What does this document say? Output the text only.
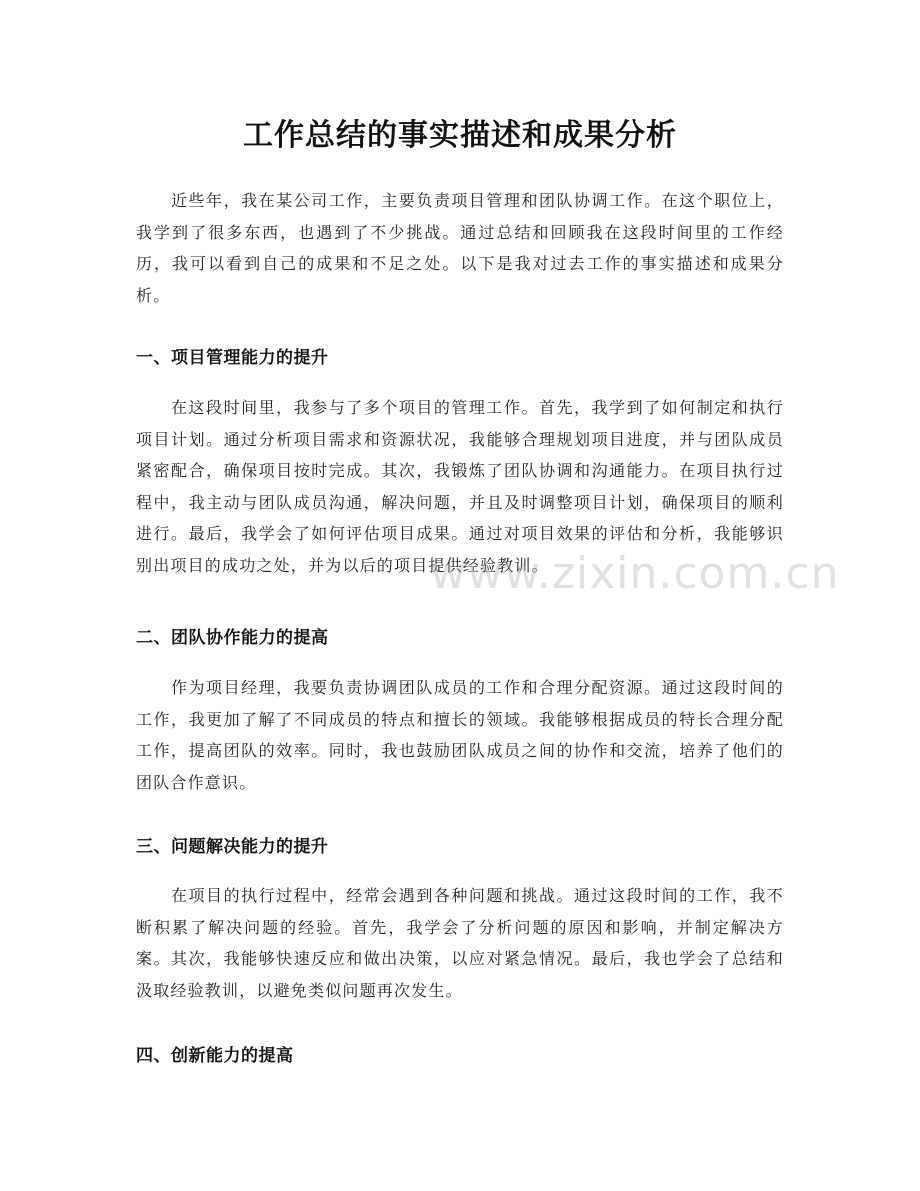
工作总结的事实描述和成果分析
近些年，我在某公司工作，主要负责项目管理和团队协调工作。在这个职位上，我学到了很多东西，也遇到了不少挑战。通过总结和回顾我在这段时间里的工作经历，我可以看到自己的成果和不足之处。以下是我对过去工作的事实描述和成果分析。
一、项目管理能力的提升
在这段时间里，我参与了多个项目的管理工作。首先，我学到了如何制定和执行项目计划。通过分析项目需求和资源状况，我能够合理规划项目进度，并与团队成员紧密配合，确保项目按时完成。其次，我锻炼了团队协调和沟通能力。在项目执行过程中，我主动与团队成员沟通，解决问题，并且及时调整项目计划，确保项目的顺利进行。最后，我学会了如何评估项目成果。通过对项目效果的评估和分析，我能够识别出项目的成功之处，并为以后的项目提供经验教训。
二、团队协作能力的提高
作为项目经理，我要负责协调团队成员的工作和合理分配资源。通过这段时间的工作，我更加了解了不同成员的特点和擅长的领域。我能够根据成员的特长合理分配工作，提高团队的效率。同时，我也鼓励团队成员之间的协作和交流，培养了他们的团队合作意识。
三、问题解决能力的提升
在项目的执行过程中，经常会遇到各种问题和挑战。通过这段时间的工作，我不断积累了解决问题的经验。首先，我学会了分析问题的原因和影响，并制定解决方案。其次，我能够快速反应和做出决策，以应对紧急情况。最后，我也学会了总结和汲取经验教训，以避免类似问题再次发生。
四、创新能力的提高
www.zixin.com.cn
